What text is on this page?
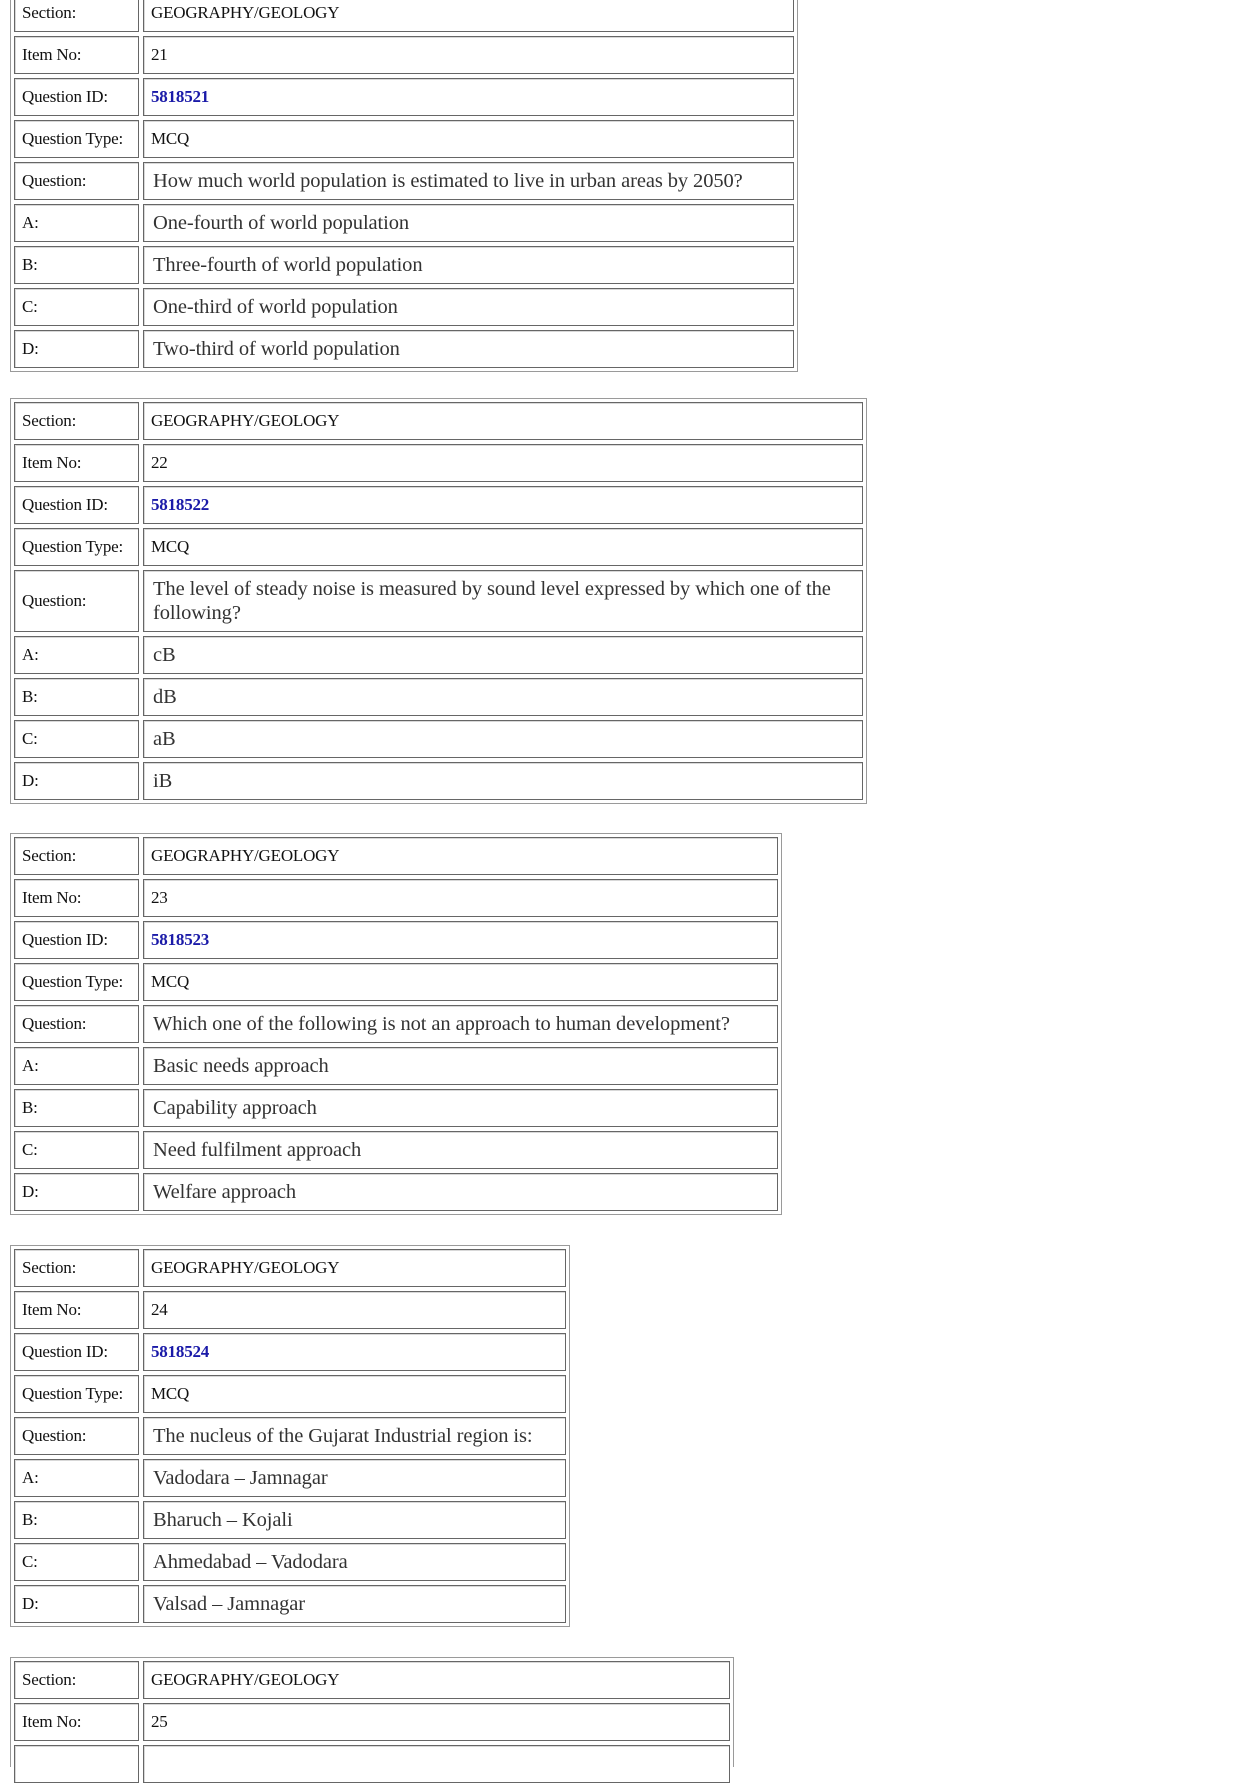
Section:	GEOGRAPHY/GEOLOGY
Item No:	21
Question ID:	5818521
Question Type:	MCQ
Question:	How much world population is estimated to live in urban areas by 2050?
A:	One-fourth of world population
B:	Three-fourth of world population
C:	One-third of world population
D:	Two-third of world population
Section:	GEOGRAPHY/GEOLOGY
Item No:	22
Question ID:	5818522
Question Type:	MCQ
Question:
The level of steady noise is measured by sound level expressed by which one of the following?
A:	cB
B:	dB
C:	aB
D:	iB
Section:	GEOGRAPHY/GEOLOGY
Item No:	23
Question ID:	5818523
Question Type:	MCQ
Question:	Which one of the following is not an approach to human development?
A:	Basic needs approach
B:	Capability approach
C:	Need fulfilment approach
D:	Welfare approach
Section:	GEOGRAPHY/GEOLOGY
Item No:	24
Question ID:	5818524
Question Type:	MCQ
Question:	The nucleus of the Gujarat Industrial region is:
A:	Vadodara – Jamnagar
B:	Bharuch – Kojali
C:	Ahmedabad – Vadodara
D:	Valsad – Jamnagar
Section:	GEOGRAPHY/GEOLOGY
Item No:	25
